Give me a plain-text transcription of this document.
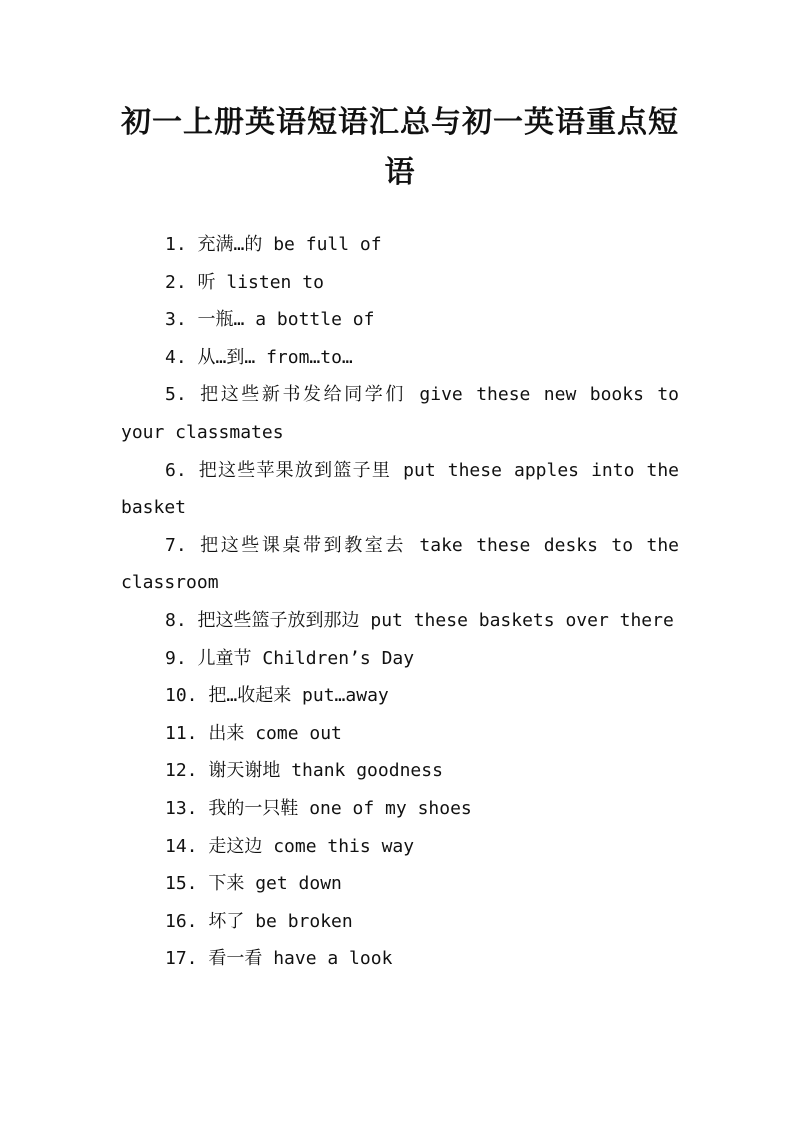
初一上册英语短语汇总与初一英语重点短语
1. 充满…的 be full of
2. 听 listen to
3. 一瓶… a bottle of
4. 从…到… from…to…
5. 把这些新书发给同学们 give these new books to your classmates
6. 把这些苹果放到篮子里 put these apples into the basket
7. 把这些课桌带到教室去 take these desks to the classroom
8. 把这些篮子放到那边 put these baskets over there
9. 儿童节 Children’s Day
10. 把…收起来 put…away
11. 出来 come out
12. 谢天谢地 thank goodness
13. 我的一只鞋 one of my shoes
14. 走这边 come this way
15. 下来 get down
16. 坏了 be broken
17. 看一看 have a look
